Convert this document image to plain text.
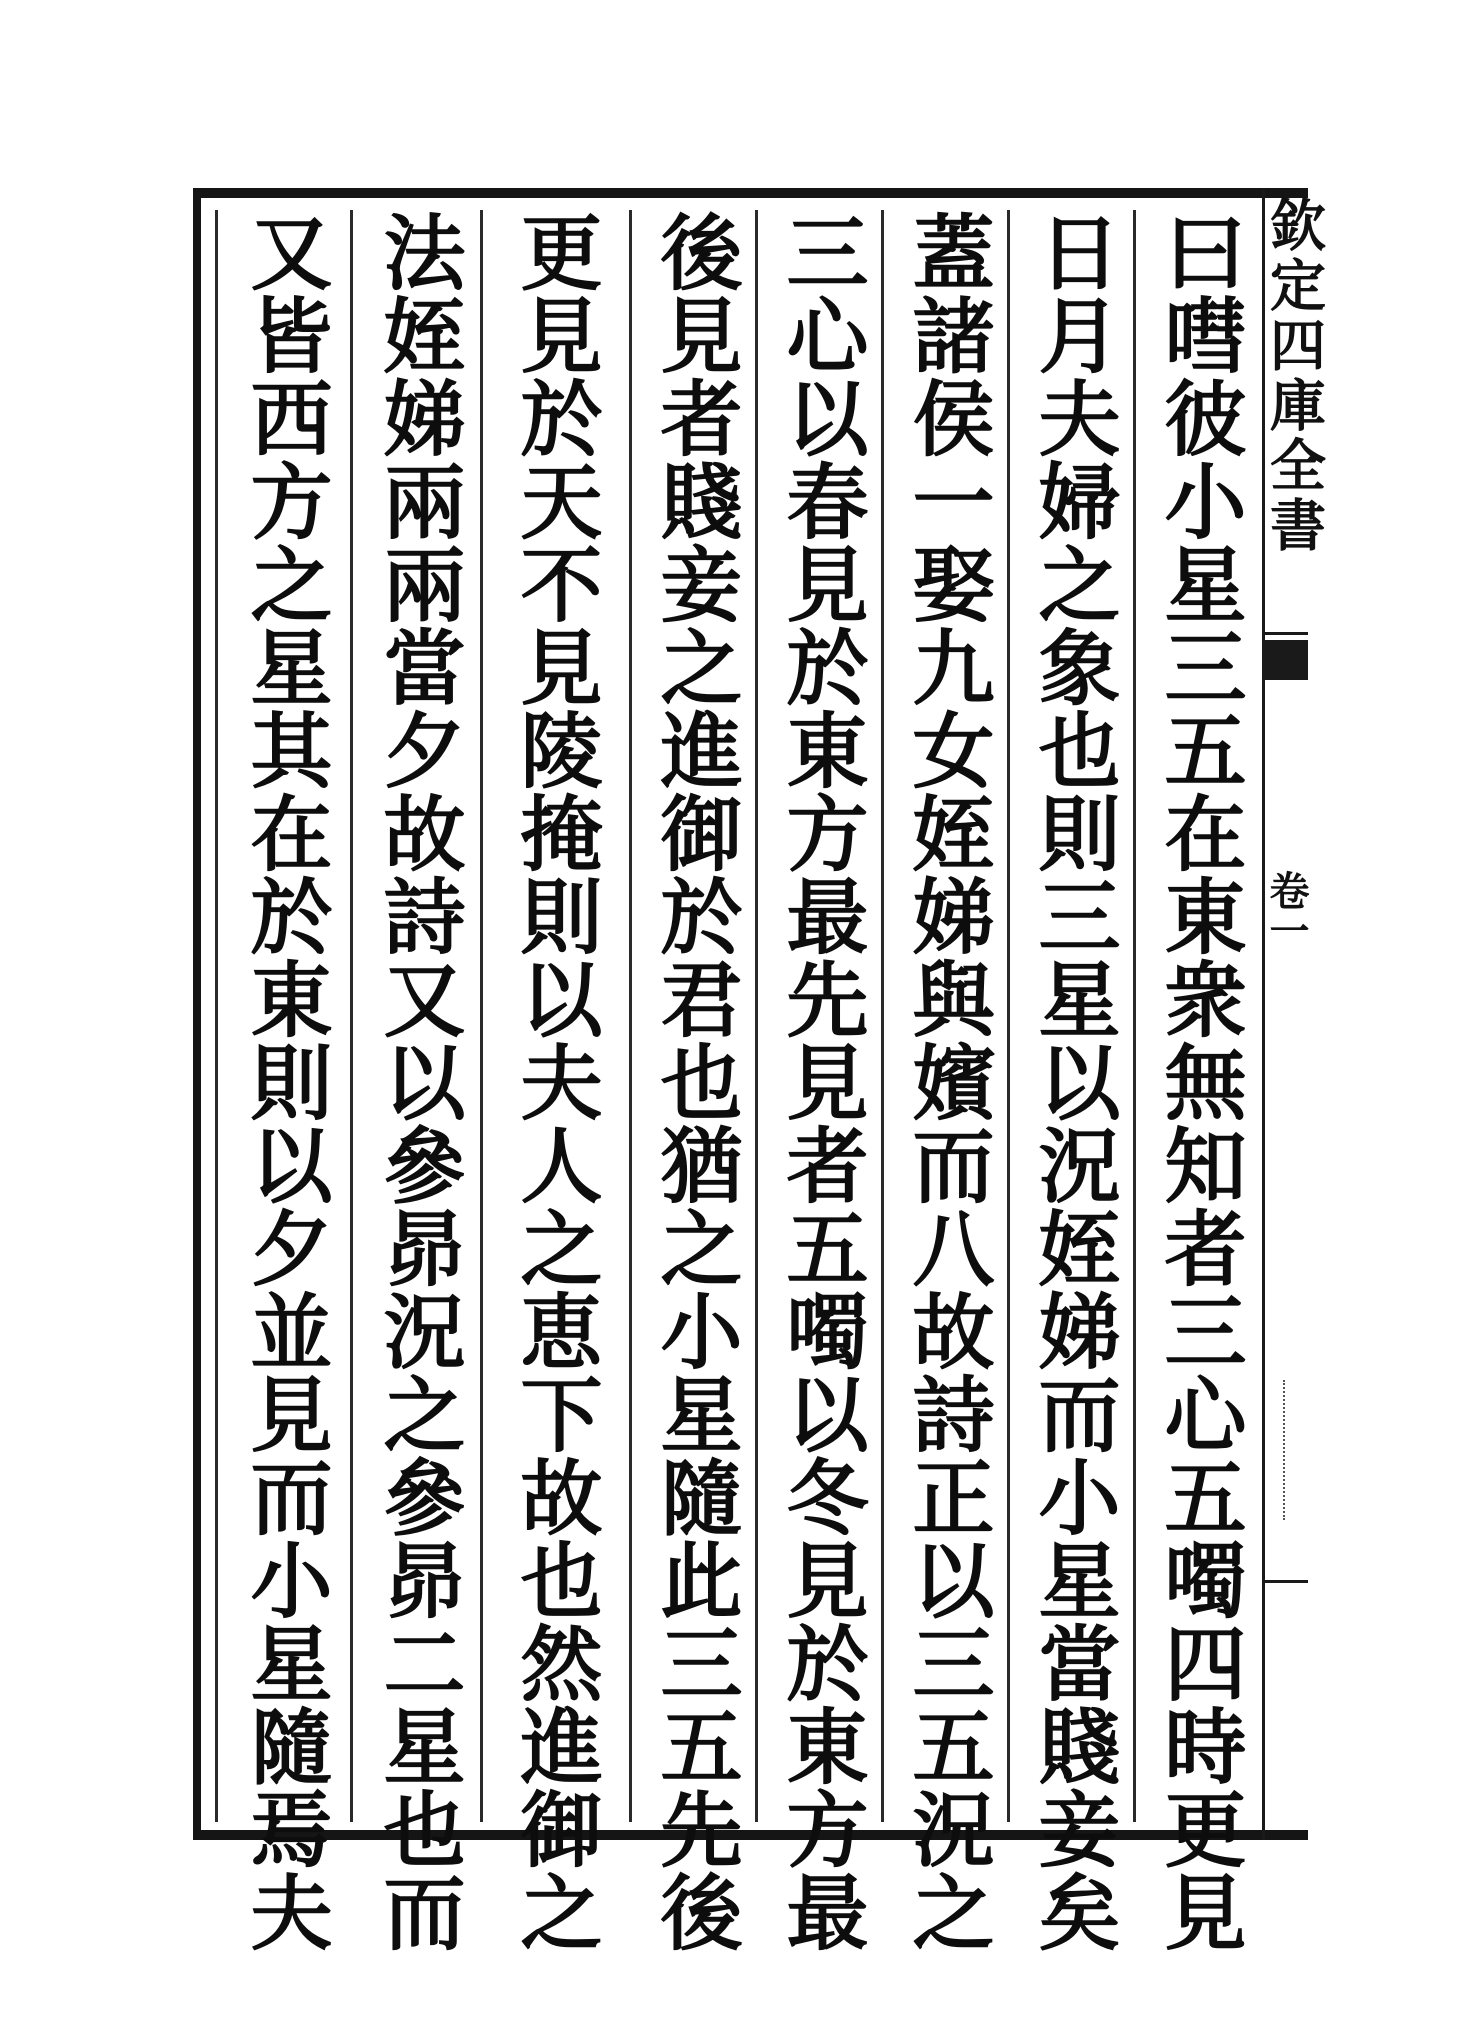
欽定四庫全書
卷一
曰嘒彼小星三五在東衆無知者三心五噣四時更見
日月夫婦之象也則三星以況姪娣而小星當賤妾矣
蓋諸侯一娶九女姪娣與嬪而八故詩正以三五況之
三心以春見於東方最先見者五噣以冬見於東方最
後見者賤妾之進御於君也猶之小星隨此三五先後
更見於天不見陵掩則以夫人之恵下故也然進御之
法姪娣兩兩當夕故詩又以參昴況之參昴二星也而
又皆西方之星其在於東則以夕並見而小星隨焉夫
